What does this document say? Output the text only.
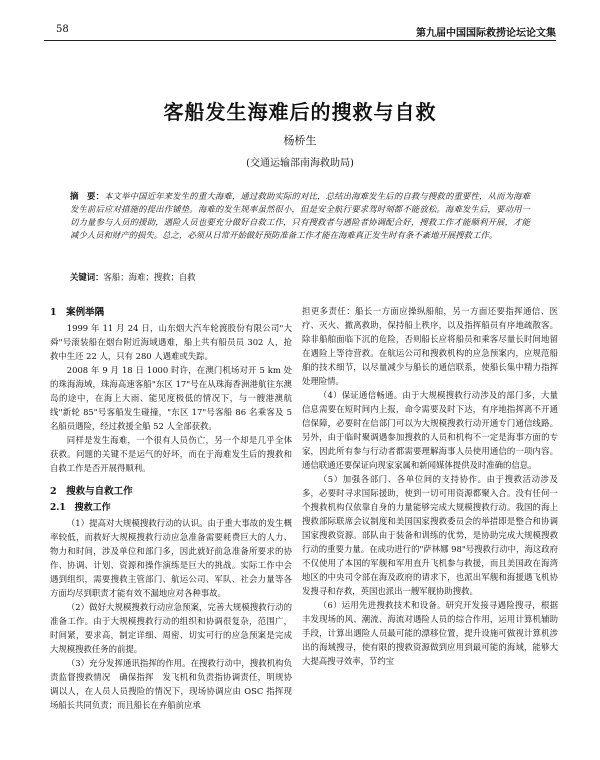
58	第九届中国国际救捞论坛论文集
客船发生海难后的搜救与自救
杨桥生
(交通运输部南海救助局)
摘　要：本文举中国近年来发生的重大海难，通过救助实际的对比，总结出海难发生后的自救与搜救的重要性，从而为海难发生前后应对措施的提出作铺垫。海难的发生规率虽然很小，但是安全航行要求驾时刻都不能放松。海难发生后，要动用一切力量参与人员的援助，遇险人员也要充分做好自救工作，只有搜救者与遇险者协调配合好，搜救工作才能顺利开展，才能减少人员和财产的损失。总之，必须从日常开始做好预防准备工作才能在海难真正发生时有条不紊地开展搜救工作。
关键词：客船；海难；搜救；自救
1　案例举隅

1999 年 11 月 24 日，山东烟大汽车轮渡股份有限公司"大舜"号滚装船在烟台附近海域遇难，船上共有船员员 302 人，抢救中生还 22 人，只有 280 人遇难或失踪。

2008 年 9 月 18 日 1000 时许，在澳门机场对开 5 km 处的珠海海域，珠海高速客船"东区 17"号在从珠海香洲港航往东澳岛的途中，在海上大雨、能见度极低的情况下，与一艘港澳航线"新轮 85"号客船发生碰撞，"东区 17"号客船 86 名乘客及 5 名船员遇险，经过救援全船 52 人全部获救。

同样是发生海难，一个很有人员伤亡，另一个却是几乎全体获救。问题的关键不是运气的好坏，而在于海难发生后的搜救和自救工作是否开展得顺利。

2　搜救与自救工作
2.1　搜救工作

（1）提高对大规模搜救行动的认识。由于重大事故的发生概率较低，而救好大规模搜救行动应急准备需要耗费巨大的人力、物力和时间，涉及单位和部门多，因此就好前急准备所要求的协作、协调、计划、资源和操作演练是巨大的挑战。实际工作中会遇到组织，需要搜救主管部门、航运公司、军队、社会力量等各方面均尽到职责才能有效不漏地应对各种事故。

（2）做好大规模搜救行动应急预案，完善大规模搜救行动的准备工作。由于大规模搜救行动的组织和协调很复杂，范围广，时间紧，要求高，制定详细、周密、切实可行的应急预案是完成大规模搜救任务的前提。

（3）充分发挥通讯指挥的作用。在搜救行动中，搜救机构负责监督搜救情况　确保指挥　发飞机和负责指协调责任，明规协调以人，在人员人员搜险的情况下，现场协调应由 OSC 指挥现场船长共同负责；而且船长在弃船前应承

担更多责任：船长一方面应操纵船舶，另一方面还要指挥通信、医疗、灭火、撤离救助，保持船上秩序，以及指挥船员有序地疏散客。除非船舶面临下沉的危险，否则船长应将船员和乘客尽量长时间地留在遇险上等待营救。在航运公司和搜救机构的应急预案内，应规范船舶的技术细节，以尽量减少与船长的通信联系，使船长集中精力指挥处理险情。

（4）保证通信畅通。由于大规模搜救行动涉及的部门多，大量信息需要在短时间内上报，命令需要及时下达，有序地指挥离不开通信保障，必要时在信部门可以为大规模搜救行动开通专门通信线路。另外，由于临时聚调遇参加搜救的人员和机构不一定是海事方面的专家，因此所有参与行动者都需要理解海事人员使用通信的一项内容。通信联通还要保证向现家家属和新闻媒体提供及时准确的信息。

（5）加强各部门、各单位间的支持协作。由于搜救活动涉及多，必要时寻求国际援助，使到一切可用资源都聚入合。没有任何一个搜救机构仅依靠自身的力量能够完成大规模搜救行动。我国的海上搜救部际联席会议制度和美国国家搜救委员会的举措即是整合和协调国家搜救资源。部队由于装备和训练的优势，是协助完成大规模搜救行动的重要力量。在成功进行的"萨林娜 98"号搜救行动中，海这政府不仅使用了本国的军舰和军用直升飞机参与救援，而且美国政在海湾地区的中央司令部在海及政府的请求下，也派出军舰和海援遇飞机协发搜寻和存救，英国也派出一艘军舰协助搜救。

（6）运用先进搜救技术和设备。研究开发接寻遇险搜寻，根据丰发现场的风、潮流、海流对遇险人员的综合作用，运用计算机辅助手段，计算出遇险人员最可能的漂移位置，提升设施可做视计算机涉出的海域搜寻，使有限的搜救资源做到应用到最可能的海域，能够大大提高搜寻效率，节约宝
